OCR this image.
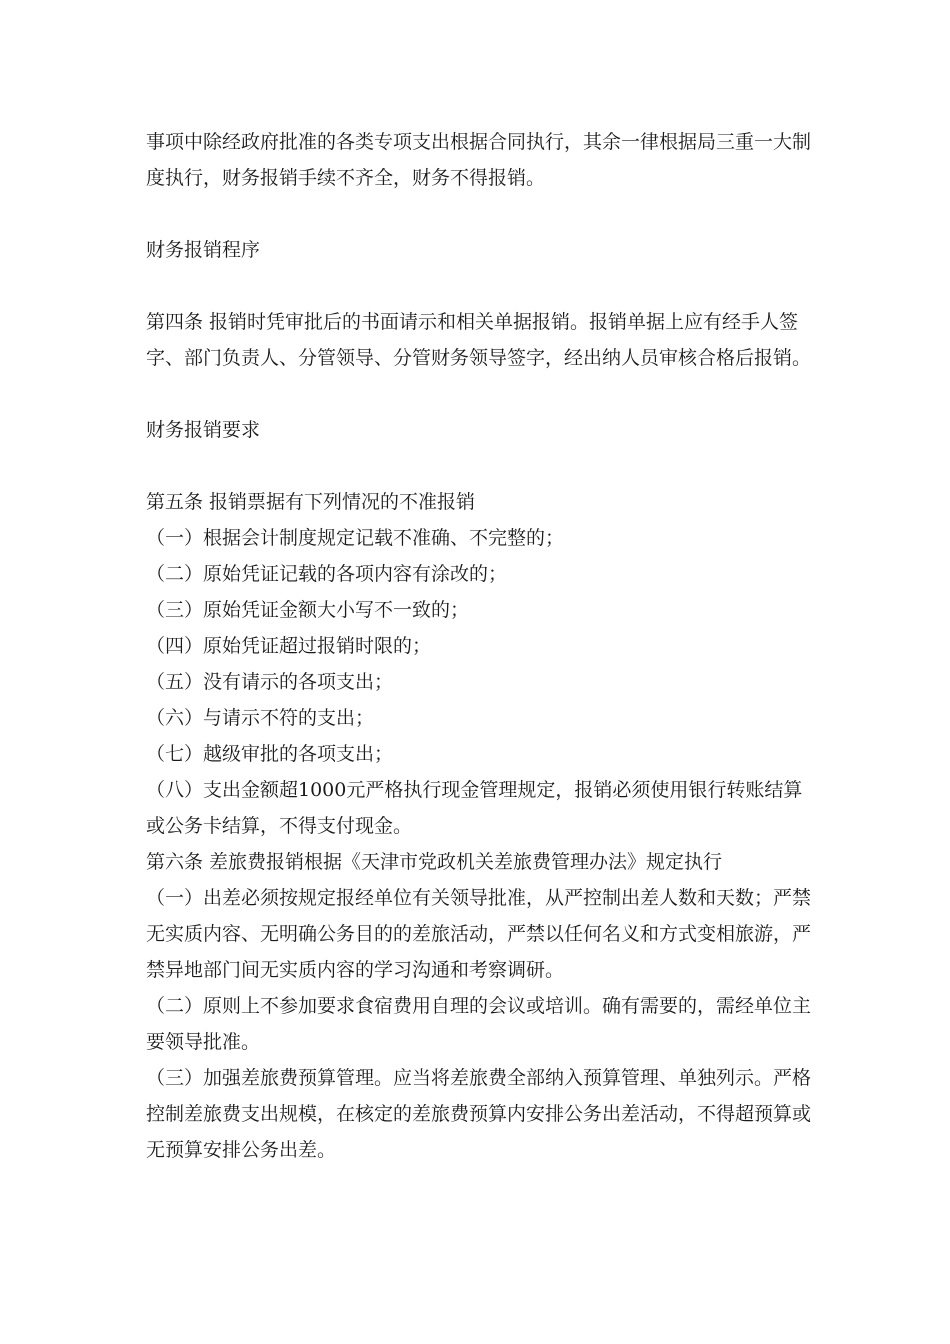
事项中除经政府批准的各类专项支出根据合同执行，其余一律根据局三重一大制度执行，财务报销手续不齐全，财务不得报销。

财务报销程序

第四条 报销时凭审批后的书面请示和相关单据报销。报销单据上应有经手人签字、部门负责人、分管领导、分管财务领导签字，经出纳人员审核合格后报销。

财务报销要求

第五条 报销票据有下列情况的不准报销

（一）根据会计制度规定记载不准确、不完整的；

（二）原始凭证记载的各项内容有涂改的；

（三）原始凭证金额大小写不一致的；

（四）原始凭证超过报销时限的；

（五）没有请示的各项支出；

（六）与请示不符的支出；

（七）越级审批的各项支出；

（八）支出金额超1000元严格执行现金管理规定，报销必须使用银行转账结算或公务卡结算，不得支付现金。

第六条 差旅费报销根据《天津市党政机关差旅费管理办法》规定执行

（一）出差必须按规定报经单位有关领导批准，从严控制出差人数和天数；严禁无实质内容、无明确公务目的的差旅活动，严禁以任何名义和方式变相旅游，严禁异地部门间无实质内容的学习沟通和考察调研。

（二）原则上不参加要求食宿费用自理的会议或培训。确有需要的，需经单位主要领导批准。

（三）加强差旅费预算管理。应当将差旅费全部纳入预算管理、单独列示。严格控制差旅费支出规模，在核定的差旅费预算内安排公务出差活动，不得超预算或无预算安排公务出差。
